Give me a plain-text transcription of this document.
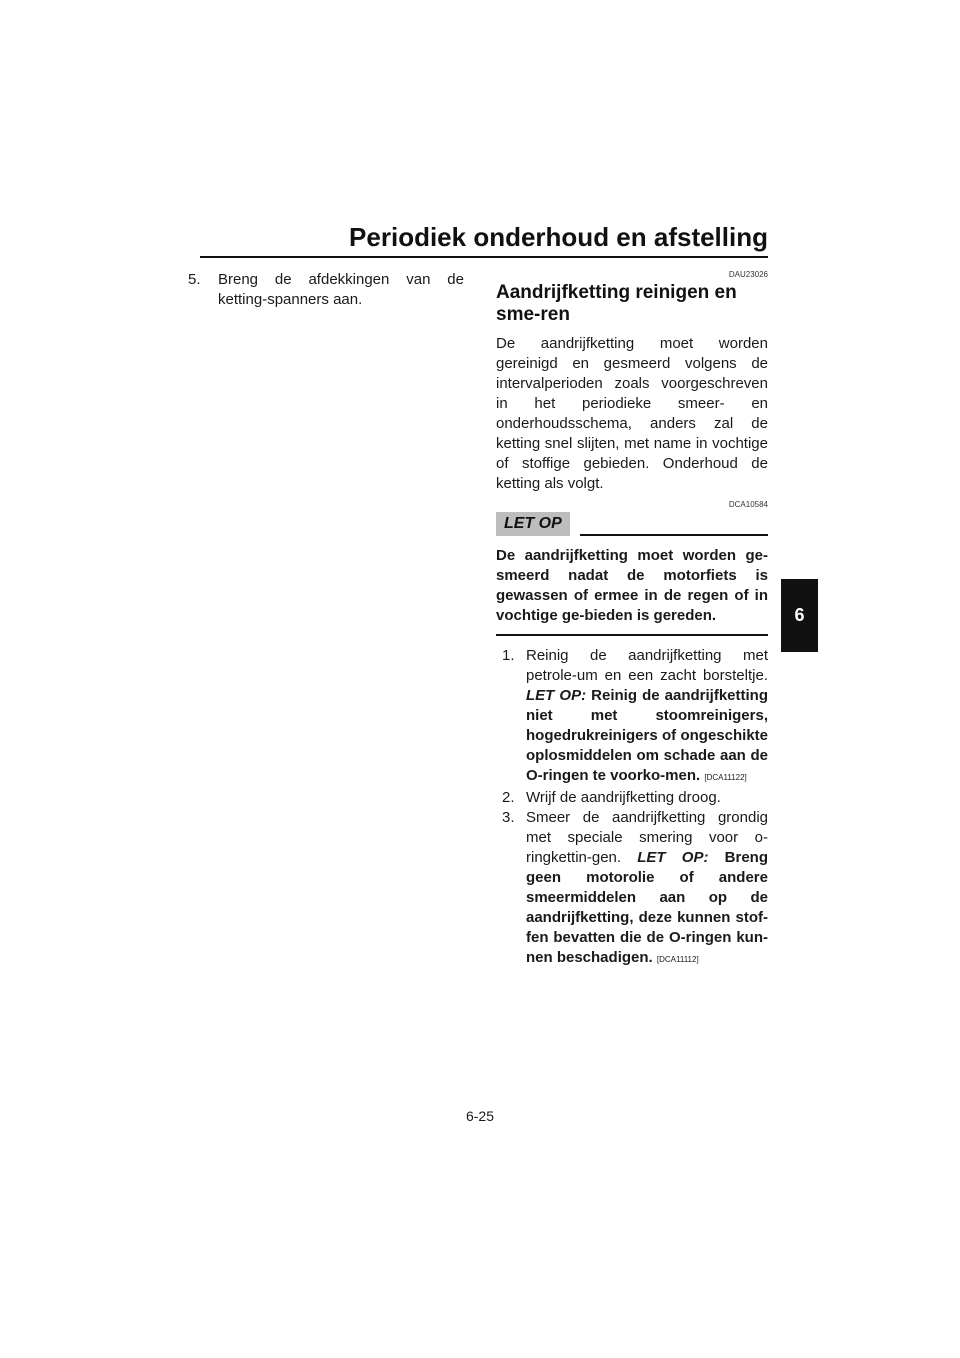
Periodiek onderhoud en afstelling
6
5. Breng de afdekkingen van de ketting-spanners aan.
DAU23026
Aandrijfketting reinigen en sme-ren
De aandrijfketting moet worden gereinigd en gesmeerd volgens de intervalperioden zoals voorgeschreven in het periodieke smeer- en onderhoudsschema, anders zal de ketting snel slijten, met name in vochtige of stoffige gebieden. Onderhoud de ketting als volgt.
DCA10584
LET OP
De aandrijfketting moet worden ge-smeerd nadat de motorfiets is gewassen of ermee in de regen of in vochtige ge-bieden is gereden.
1. Reinig de aandrijfketting met petrole-um en een zacht borsteltje. LET OP: Reinig de aandrijfketting niet met stoomreinigers, hogedrukreinigers of ongeschikte oplosmiddelen om schade aan de O-ringen te voorko-men. [DCA11122]
2. Wrijf de aandrijfketting droog.
3. Smeer de aandrijfketting grondig met speciale smering voor o-ringkettin-gen. LET OP: Breng geen motorolie of andere smeermiddelen aan op de aandrijfketting, deze kunnen stof-fen bevatten die de O-ringen kun-nen beschadigen. [DCA11112]
6-25
